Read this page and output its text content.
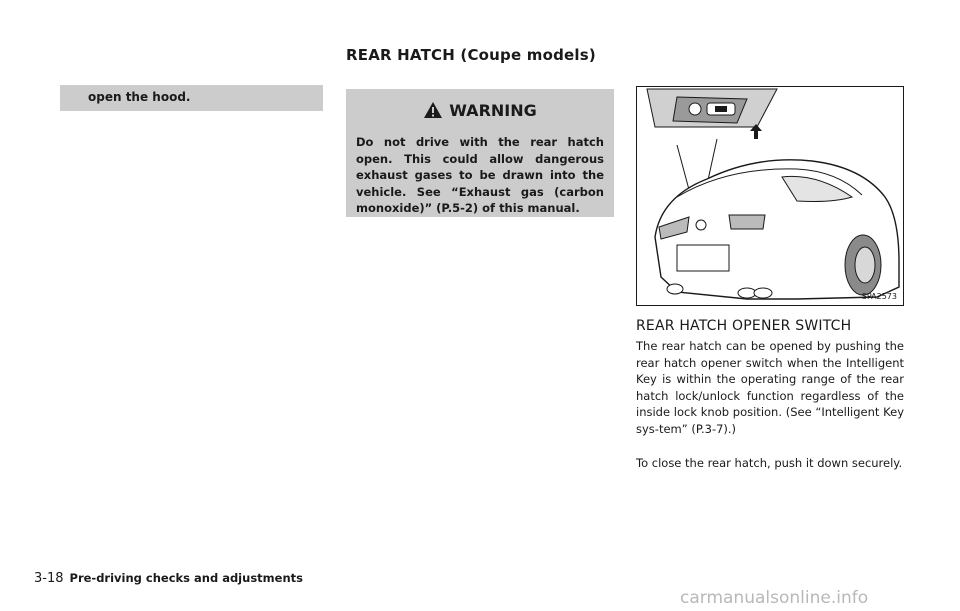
REAR HATCH (Coupe models)
open the hood.
WARNING
Do not drive with the rear hatch open. This could allow dangerous exhaust gases to be drawn into the vehicle. See “Exhaust gas (carbon monoxide)” (P.5-2) of this manual.
SPA2573
REAR HATCH OPENER SWITCH
The rear hatch can be opened by pushing the rear hatch opener switch when the Intelligent Key is within the operating range of the rear hatch lock/unlock function regardless of the inside lock knob position. (See “Intelligent Key sys-tem” (P.3-7).)
To close the rear hatch, push it down securely.
3-18 Pre-driving checks and adjustments
carmanualsonline.info
